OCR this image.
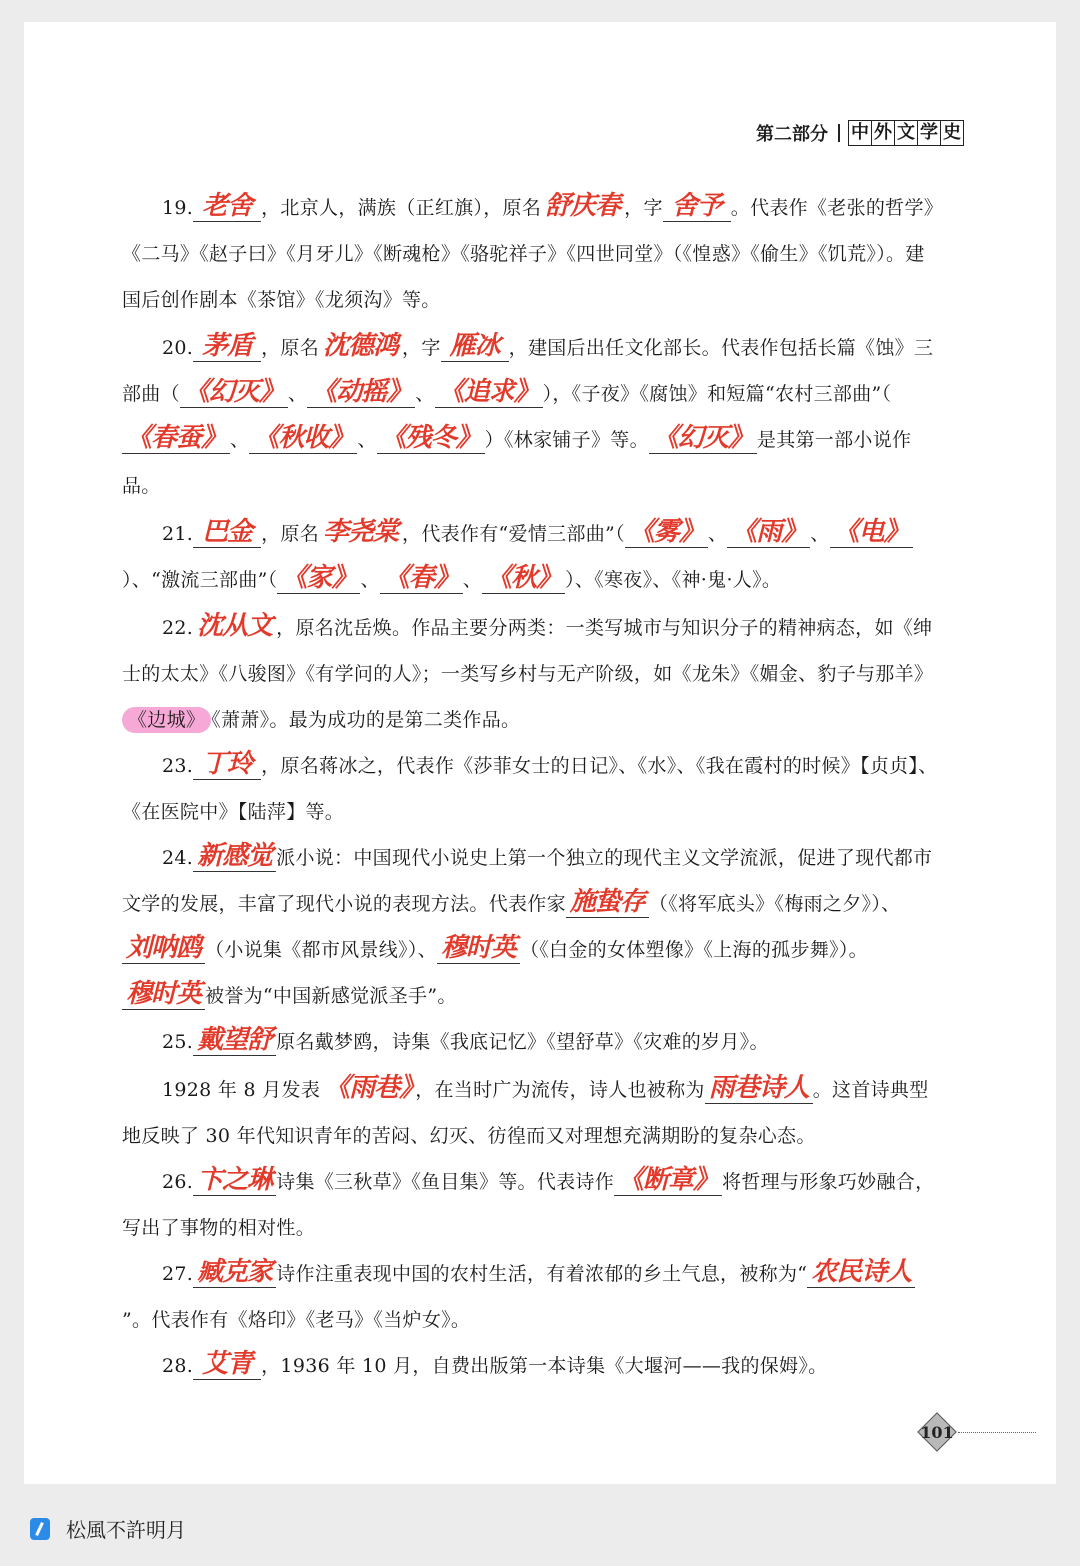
第二部分 中 外 文 学 史

19. 老舍 ，北京人，满族（正红旗），原名 舒庆春 ，字 舍予 。代表作《老张的哲学》《二马》《赵子曰》《月牙儿》《断魂枪》《骆驼祥子》《四世同堂》（《惶惑》《偷生》《饥荒》）。建国后创作剧本《茶馆》《龙须沟》等。

20. 茅盾 ，原名 沈德鸿 ，字 雁冰 ，建国后出任文化部长。代表作包括长篇《蚀》三部曲（ 《幻灭》 、 《动摇》 、 《追求》 ），《子夜》《腐蚀》和短篇“农村三部曲”（《春蚕》 、 《秋收》 、 《残冬》 ）《林家铺子》等。 《幻灭》 是其第一部小说作品。

21. 巴金 ，原名 李尧棠 ，代表作有“爱情三部曲”（ 《雾》 、 《雨》 、 《电》）、“激流三部曲”（ 《家》 、 《春》 、 《秋》 ）、《寒夜》、《神·鬼·人》。

22. 沈从文 ，原名沈岳焕。作品主要分两类：一类写城市与知识分子的精神病态，如《绅士的太太》《八骏图》《有学问的人》；一类写乡村与无产阶级，如《龙朱》《媚金、豹子与那羊》《边城》 《萧萧》。最为成功的是第二类作品。

23. 丁玲 ，原名蒋冰之，代表作《莎菲女士的日记》、《水》、《我在霞村的时候》【贞贞】、《在医院中》【陆萍】等。

24. 新感觉 派小说：中国现代小说史上第一个独立的现代主义文学流派，促进了现代都市文学的发展，丰富了现代小说的表现方法。代表作家 施蛰存 （《将军底头》《梅雨之夕》）、刘呐鸥 （小说集《都市风景线》）、 穆时英 （《白金的女体塑像》《上海的孤步舞》）。穆时英 被誉为“中国新感觉派圣手”。

25. 戴望舒 原名戴梦鸥，诗集《我底记忆》《望舒草》《灾难的岁月》。

1928 年 8 月发表 《雨巷》 ，在当时广为流传，诗人也被称为 雨巷诗人 。这首诗典型地反映了 30 年代知识青年的苦闷、幻灭、彷徨而又对理想充满期盼的复杂心态。

26. 卞之琳 诗集《三秋草》《鱼目集》等。代表诗作 《断章》 将哲理与形象巧妙融合，写出了事物的相对性。

27. 臧克家 诗作注重表现中国的农村生活，有着浓郁的乡土气息，被称为“ 农民诗人”。代表作有《烙印》《老马》《当炉女》。

28. 艾青 ，1936 年 10 月，自费出版第一本诗集《大堰河——我的保姆》。

101
松風不許明月
